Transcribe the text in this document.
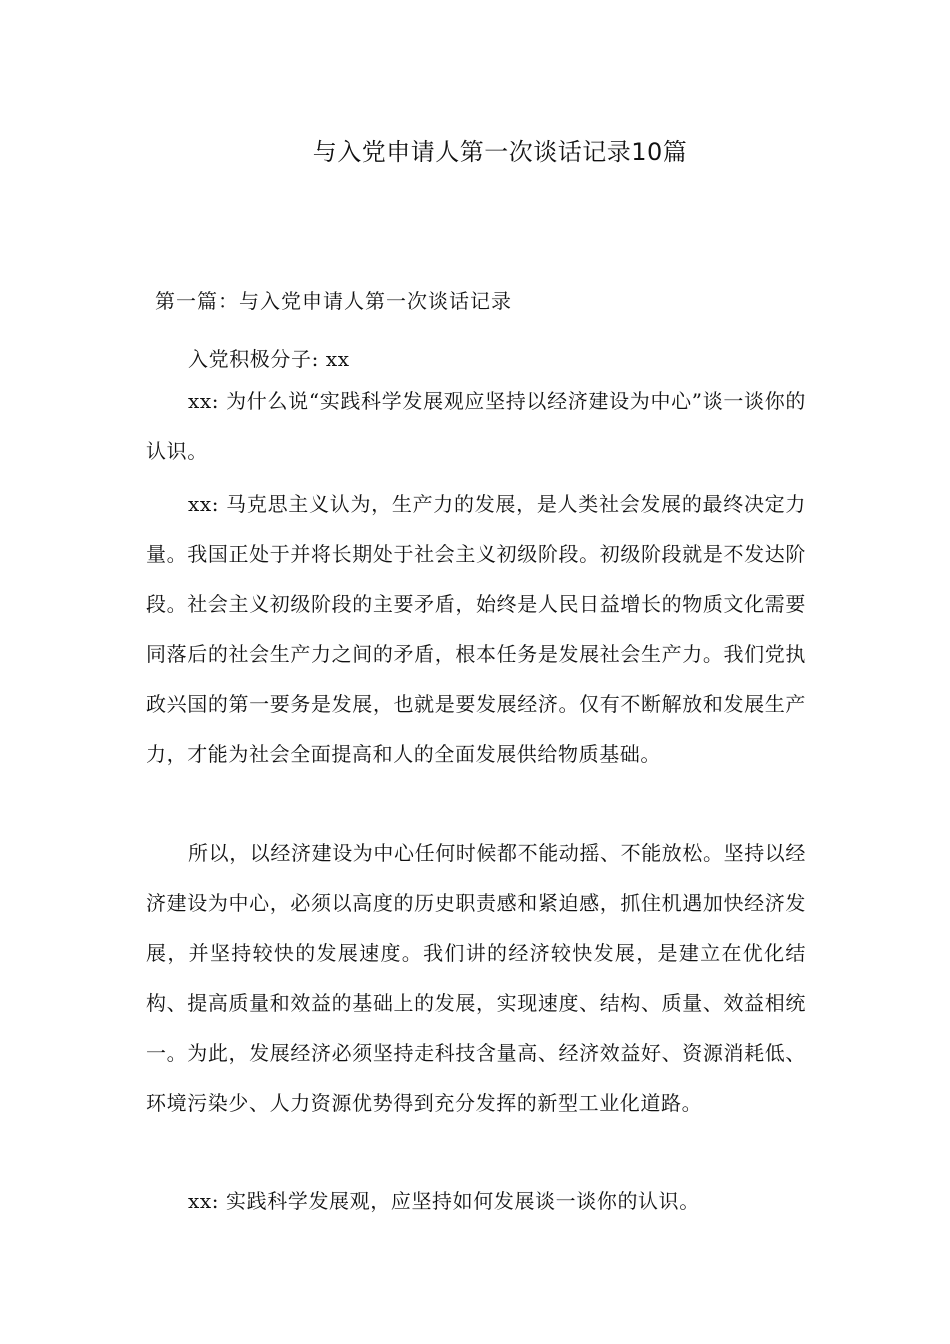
与入党申请人第一次谈话记录10篇
第一篇：与入党申请人第一次谈话记录

入党积极分子: xx

xx: 为什么说“实践科学发展观应坚持以经济建设为中心”谈一谈你的认识。

xx: 马克思主义认为，生产力的发展，是人类社会发展的最终决定力量。我国正处于并将长期处于社会主义初级阶段。初级阶段就是不发达阶段。社会主义初级阶段的主要矛盾，始终是人民日益增长的物质文化需要同落后的社会生产力之间的矛盾，根本任务是发展社会生产力。我们党执政兴国的第一要务是发展，也就是要发展经济。仅有不断解放和发展生产力，才能为社会全面提高和人的全面发展供给物质基础。

所以，以经济建设为中心任何时候都不能动摇、不能放松。坚持以经济建设为中心，必须以高度的历史职责感和紧迫感，抓住机遇加快经济发展，并坚持较快的发展速度。我们讲的经济较快发展，是建立在优化结构、提高质量和效益的基础上的发展，实现速度、结构、质量、效益相统一。为此，发展经济必须坚持走科技含量高、经济效益好、资源消耗低、环境污染少、人力资源优势得到充分发挥的新型工业化道路。

xx: 实践科学发展观，应坚持如何发展谈一谈你的认识。
